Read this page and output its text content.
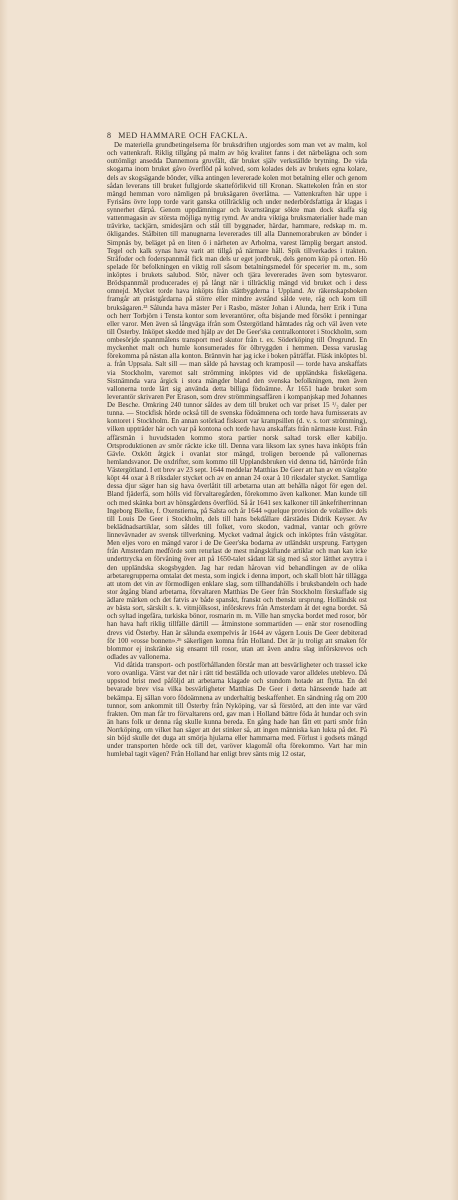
8 MED HAMMARE OCH FACKLA.

De materiella grundbetingelserna för bruksdriften utgjordes som man vet av malm, kol och vattenkraft. Riklig tillgång på malm av hög kvalitet fanns i det närbelägna och som outtömligt ansedda Dannemora gruvfält, där bruket själv verkställde brytning. De vida skogarna inom bruket gåvo överflöd på kolved, som kolades dels av brukets egna kolare, dels av skogsägande bönder, vilka antingen levererade kolen mot betalning eller och genom sådan leverans till bruket fullgjorde skatteförlikvid till Kronan. Skattekolen från en stor mängd hemman voro nämligen på bruksägaren överlåtna. — Vattenkraften här uppe i Fyrisåns övre lopp torde varit ganska otillräcklig och under nederbördsfattiga år klagas i synnerhet därpå. Genom uppdämningar och kvarnstängar sökte man dock skaffa sig vattenmagasin av största möjliga nyttig rymd. Av andra viktiga bruksmaterialier hade man trävirke, tackjärn, smidesjärn och stål till byggnader, härdar, hammare, redskap m. m. ökligandes. Stålbiten till manugnarna levererades till alla Dannemorabruken av bönder i Simpnäs by, beläget på en liten ö i närheten av Arholma, varest lämplig bergart anstod. Tegel och kalk synas hava varit att tillgå på närmare håll. Spik tillverkades i trakten. Stråfoder och foderspannmål fick man dels ur eget jordbruk, dels genom köp på orten. Hö spelade för befolkningen en viktig roll såsom betalningsmedel för specerier m. m., som inköptes i brukets salubod. Stör, näver och tjära levererades även som bytesvaror. Brödspannmål producerades ej på långt när i tillräcklig mängd vid bruket och i dess omnejd. Mycket torde hava inköpts från slättbygderna i Uppland. Av räkenskapsboken framgår att prästgårdarna på större eller mindre avstånd sålde vete, råg och korn till bruksägaren.²³ Sålunda hava mäster Per i Rasbo, mäster Johan i Alunda, herr Erik i Tuna och herr Torbjörn i Tensta kontor som leverantörer, ofta bisjande med försökt i penningar eller varor. Men även så långväga ifrån som Östergötland hämtades råg och väl även vete till Österby. Inköpet skedde med hjälp av det De Geer'ska centralkontoret i Stockholm, som ombesörjde spannmålens transport med skutor från t. ex. Söderköping till Öregrund. En myckenhet malt och humle konsumerades för ölbryggden i hemmen. Dessa varuslag förekomma på nästan alla konton. Brännvin har jag icke i boken påträffat. Fläsk inköptes bl. a. från Uppsala. Salt sill — man sålde på havstag och kramposil — torde hava anskaffats via Stockholm, varemot salt strömming inköptes vid de uppländska fiskelägena. Sistnämnda vara årgick i stora mängder bland den svenska befolkningen, men även vallonerna torde lärt sig använda detta billiga födoämne. År 1651 hade bruket som leverantör skrivaren Per Erason, som drev strömmingsaffären i kompanjskap med Johannes De Besche. Omkring 240 tunnor såldes av dem till bruket och var priset 15 ¹/₂ daler per tunna. — Stockfisk hörde också till de svenska födoämnena och torde hava furnisserats av kontoret i Stockholm. En annan sotörkad fisksort var krampsillen (d. v. s. torr strömming), vilken uppträder här och var på kontona och torde hava anskaffats från närmaste kust. Från affärsmän i huvudstaden kommo stora partier norsk saltad torsk eller kabiljo. Ortsproduktionen av smör räckte icke till. Denna vara liksom lax synes hava inköpts från Gävle. Oxkött åtgick i ovanlat stor mängd, troligen beroende på vallonernas hemlandsvanor. De oxdrifter, som kommo till Upplandsbruken vid denna tid, härrörde från Västergötland. I ett brev av 23 sept. 1644 meddelar Matthias De Geer att han av en västgöte köpt 44 oxar à 8 riksdaler stycket och av en annan 24 oxar à 10 riksdaler stycket. Samtliga dessa djur säger han sig hava överlåtit till arbetarna utan att behålla något för egen del. Bland fjäderfä, som hölls vid förvaltaregården, förekommo även kalkoner. Man kunde till och med skänka bort av hönsgårdens överflöd. Så år 1641 sex kalkoner till änkefriherrinnan Ingeborg Bielke, f. Oxenstierna, på Salsta och år 1644 »quelque provision de volaille» dels till Louis De Geer i Stockholm, dels till hans bekdållare därstädes Didrik Keyser. Av beklädnadsartiklar, som såldes till folket, voro skodon, vadmal, vantar och grövre linnevävnader av svensk tillverkning. Mycket vadmal åtgick och inköptes från västgötar. Men eljes voro en mängd varor i de De Geer'ska bodarna av utländskt ursprung. Fartygen från Amsterdam medförde som returlast de mest mångskiftande artiklar och man kan icke underttrycka en förvåning över att på 1650-talet sådant lät sig med så stor lätthet avyttra i den uppländska skogsbygden. Jag har redan hårovan vid behandlingen av de olika arbetaregrupperna omtalat det mesta, som ingick i denna import, och skall blott här tillägga att utom det vin av förmodligen enklare slag, som tillhandahölls i bruksbandeln och hade stor åtgång bland arbetarna, förvaltaren Matthias De Geer från Stockholm förskaffade sig ädlare märken och det fatvis av både spanskt, franskt och tbenskt ursprung. Holländsk ost av bästa sort, särskilt s. k. vitmjölksost, införskrevs från Amsterdam åt det egna bordet. Så och syltad ingefära, turkiska bönor, rosmarin m. m. Ville han smycka bordet med rosor, bör han hava haft riklig tillfälle därtill — åtminstone sommartiden — enär stor rosenodling drevs vid Österby. Han är sålunda exempelvis år 1644 av vågern Louis De Geer debiterad för 100 »rosse bonnen».²⁶ säkerligen komna från Holland. Det är ju troligt att smaken för blommor ej inskränke sig ensamt till rosor, utan att även andra slag införskrevos och odlades av vallonerna.

Vid dåtida transport- och postförhållanden förstår man att besvärligheter och trassel icke voro ovanliga. Värst var det när i rätt tid beställda och utlovade varor alldeles uteblevo. Då uppstod brist med påföljd att arbetarna klagade och stundom hotade att flytta. En del bevarade brev visa vilka besvärligheter Matthias De Geer i detta hänseende hade att bekämpa. Ej sällan voro födoämnena av underhaltig beskaffenhet. En sändning råg om 200 tunnor, som ankommit till Österby från Nyköping, var så förstörd, att den inte var värd frakten. Om man får tro förvaltarens ord, gav man i Holland bättre föda åt hundar och svin än hans folk ur denna råg skulle kunna bereda. En gång hade han fått ett parti smör från Norrköping, om vilket han säger att det stinker så, att ingen människa kan lukta på det. På sin böjd skulle det duga att smörja hjularna eller hammarna med. Förlust i godsets mängd under transporten hörde ock till det, varöver klagomål ofta förekommo. Vart har min humlebal tagit vägen? Från Holland har enligt brev sänts mig 12 ostar,
